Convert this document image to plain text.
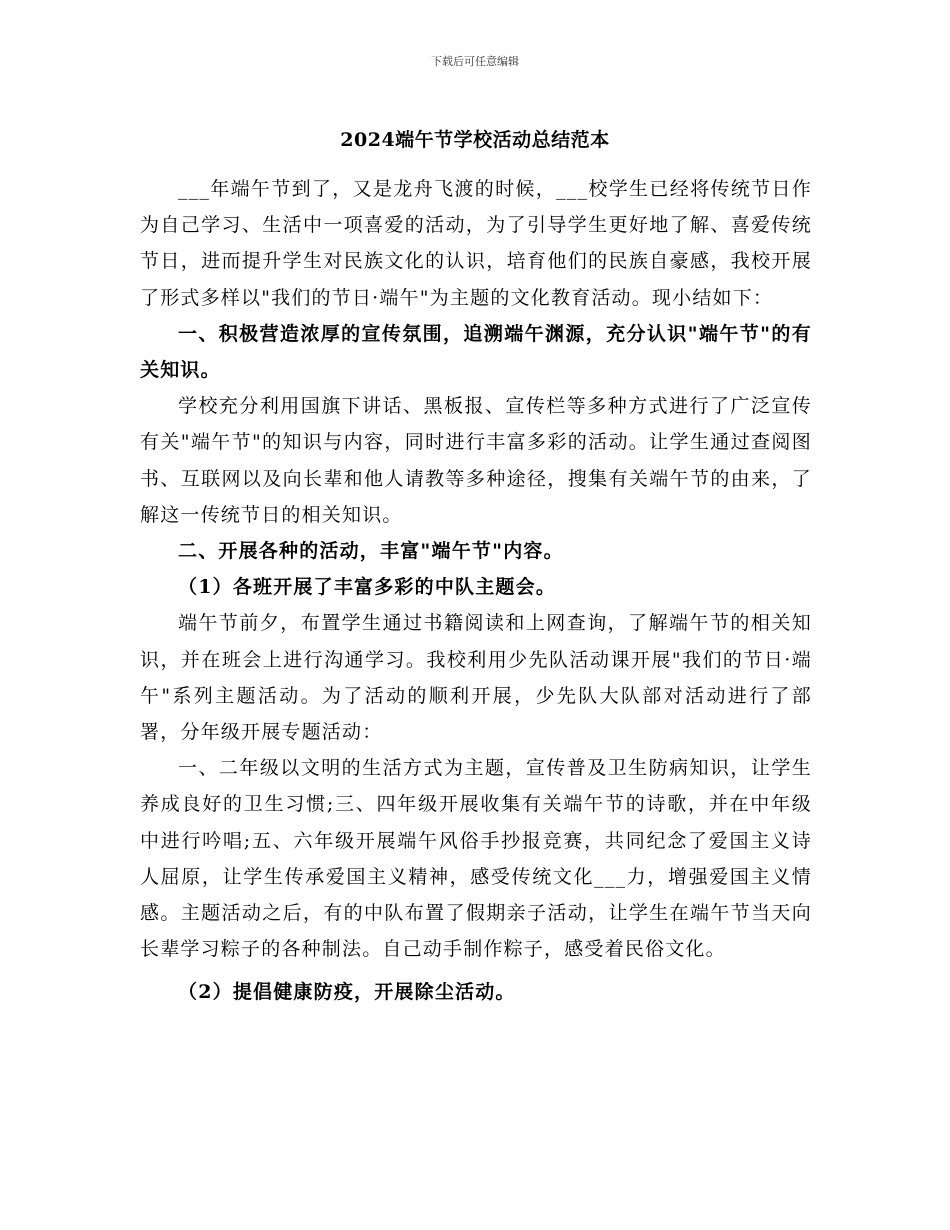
下载后可任意编辑
2024端午节学校活动总结范本

___年端午节到了，又是龙舟飞渡的时候，___校学生已经将传统节日作为自己学习、生活中一项喜爱的活动，为了引导学生更好地了解、喜爱传统节日，进而提升学生对民族文化的认识，培育他们的民族自豪感，我校开展了形式多样以"我们的节日·端午"为主题的文化教育活动。现小结如下：

一、积极营造浓厚的宣传氛围，追溯端午渊源，充分认识"端午节"的有关知识。

学校充分利用国旗下讲话、黑板报、宣传栏等多种方式进行了广泛宣传有关"端午节"的知识与内容，同时进行丰富多彩的活动。让学生通过查阅图书、互联网以及向长辈和他人请教等多种途径，搜集有关端午节的由来，了解这一传统节日的相关知识。

二、开展各种的活动，丰富"端午节"内容。

（1）各班开展了丰富多彩的中队主题会。

端午节前夕，布置学生通过书籍阅读和上网查询，了解端午节的相关知识，并在班会上进行沟通学习。我校利用少先队活动课开展"我们的节日·端午"系列主题活动。为了活动的顺利开展，少先队大队部对活动进行了部署，分年级开展专题活动：

一、二年级以文明的生活方式为主题，宣传普及卫生防病知识，让学生养成良好的卫生习惯;三、四年级开展收集有关端午节的诗歌，并在中年级中进行吟唱;五、六年级开展端午风俗手抄报竞赛，共同纪念了爱国主义诗人屈原，让学生传承爱国主义精神，感受传统文化___力，增强爱国主义情感。主题活动之后，有的中队布置了假期亲子活动，让学生在端午节当天向长辈学习粽子的各种制法。自己动手制作粽子，感受着民俗文化。

（2）提倡健康防疫，开展除尘活动。
